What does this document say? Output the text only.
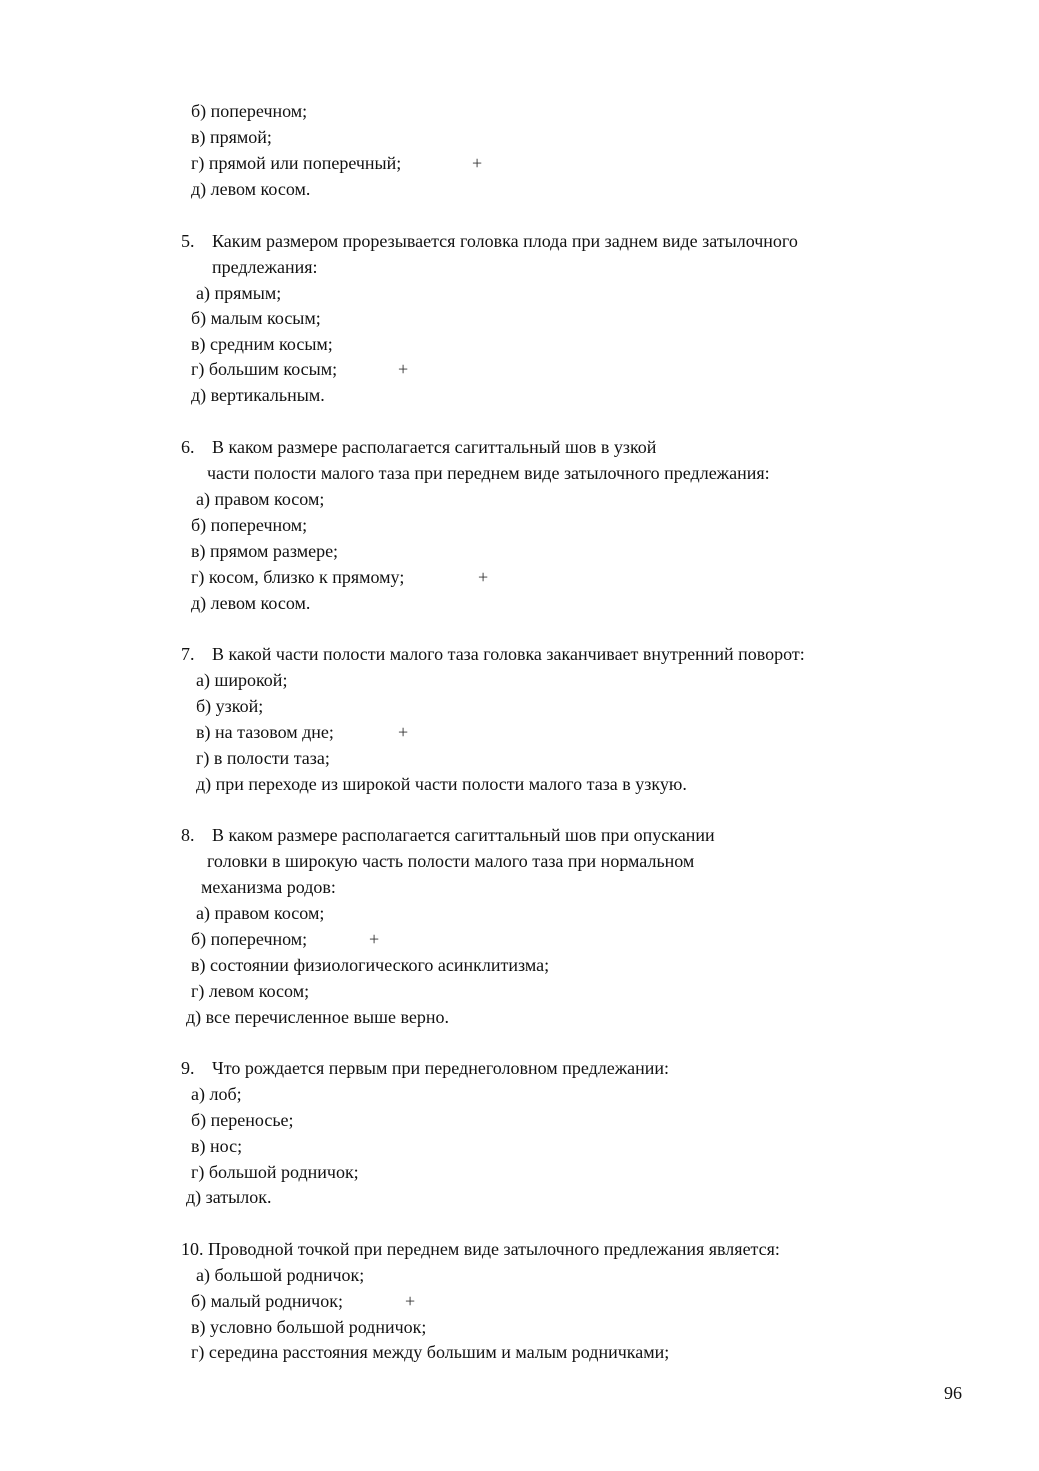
б) поперечном;
в) прямой;
г) прямой или поперечный;	+
д) левом косом.
5. Каким размером прорезывается головка плода при заднем виде затылочного
предлежания:
а) прямым;
б) малым косым;
в) средним косым;
г) большим косым;	+
д) вертикальным.
6. В каком размере располагается сагиттальный шов в узкой
части полости малого таза при переднем виде затылочного предлежания:
а) правом косом;
б) поперечном;
в) прямом размере;
г) косом, близко к прямому;	+
д) левом косом.
7. В какой части полости малого таза головка заканчивает внутренний поворот:
а) широкой;
б) узкой;
в) на тазовом дне;	+
г) в полости таза;
д) при переходе из широкой части полости малого таза в узкую.
8. В каком размере располагается сагиттальный шов при опускании
головки в широкую часть полости малого таза при нормальном
механизма родов:
а) правом косом;
б) поперечном;	+
в) состоянии физиологического асинклитизма;
г) левом косом;
д) все перечисленное выше верно.
9. Что рождается первым при переднеголовном предлежании:
а) лоб;
б) переносье;
в) нос;
г) большой родничок;
д) затылок.
10. Проводной точкой при переднем виде затылочного предлежания является:
а) большой родничок;
б) малый родничок;	+
в) условно большой родничок;
г) середина расстояния между большим и малым родничками;
96
